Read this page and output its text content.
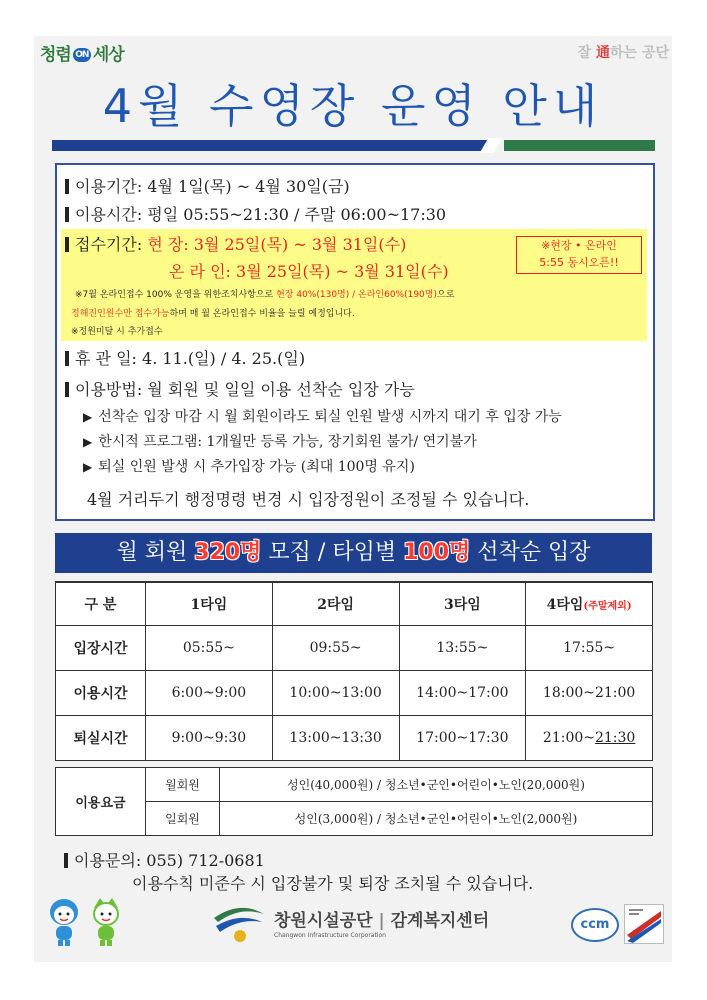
청렴 ON 세상	잘 通하는 공단
4월 수영장 운영 안내
이용기간: 4월 1일(목) ~ 4월 30일(금)
이용시간: 평일 05:55~21:30 / 주말 06:00~17:30
접수기간: 현 장: 3월 25일(목) ~ 3월 31일(수)
온 라 인: 3월 25일(목) ~ 3월 31일(수)
※현장 • 온라인
5:55 동시오픈!!
※7월 온라인접수 100% 운영을 위한조치사항으로 현장 40%(130명) / 온라인60%(190명)으로
정해진인원수만 접수가능하며 매 월 온라인접수 비율을 늘릴 예정입니다.
※정원미달 시 추가접수
휴 관 일: 4. 11.(일) / 4. 25.(일)
이용방법: 월 회원 및 일일 이용 선착순 입장 가능
▶ 선착순 입장 마감 시 월 회원이라도 퇴실 인원 발생 시까지 대기 후 입장 가능
▶ 한시적 프로그램: 1개월만 등록 가능, 장기회원 불가/ 연기불가
▶ 퇴실 인원 발생 시 추가입장 가능 (최대 100명 유지)
4월 거리두기 행정명령 변경 시 입장정원이 조정될 수 있습니다.
월 회원 320명 모집 / 타임별 100명 선착순 입장
구 분	1타임	2타임	3타임	4타임(주말제외)
입장시간	05:55~	09:55~	13:55~	17:55~
이용시간	6:00~9:00	10:00~13:00	14:00~17:00	18:00~21:00
퇴실시간	9:00~9:30	13:00~13:30	17:00~17:30	21:00~21:30
이용요금	월회원	성인(40,000원) / 청소년•군인•어린이•노인(20,000원)
	일회원	성인(3,000원) / 청소년•군인•어린이•노인(2,000원)
이용문의: 055) 712-0681
이용수칙 미준수 시 입장불가 및 퇴장 조치될 수 있습니다.
창원시설공단 | 감계복지센터
Changwon Infrastructure Corporation
ccm
